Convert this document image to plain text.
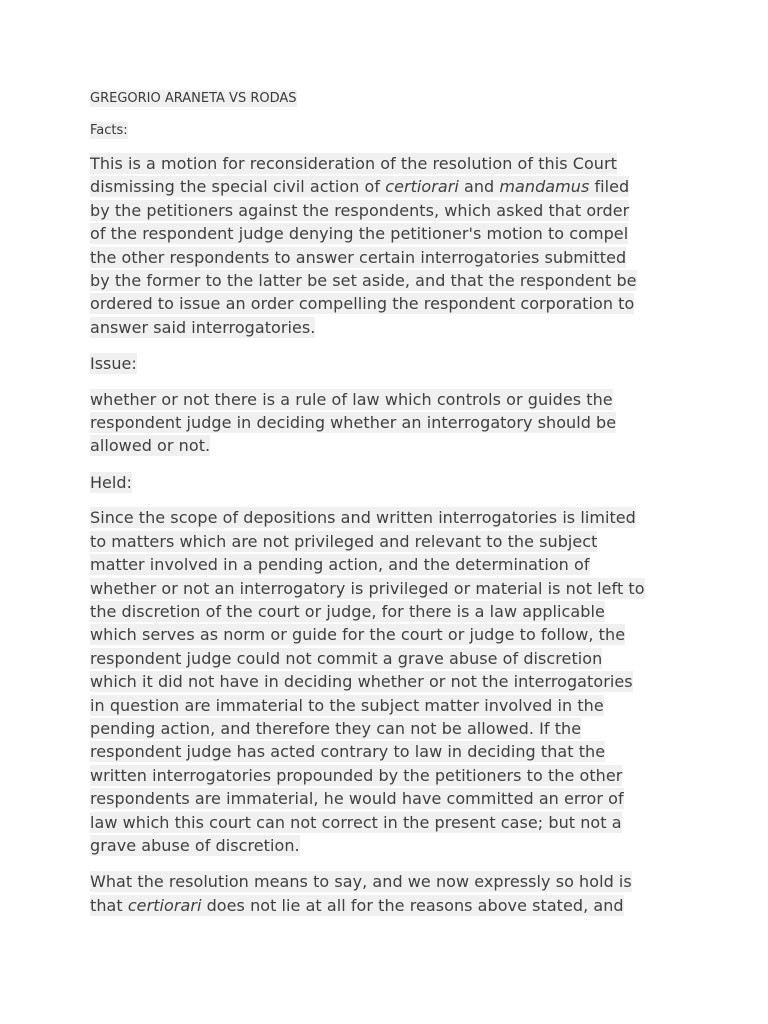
GREGORIO ARANETA VS RODAS

Facts:

This is a motion for reconsideration of the resolution of this Court
dismissing the special civil action of certiorari and mandamus filed
by the petitioners against the respondents, which asked that order
of the respondent judge denying the petitioner's motion to compel
the other respondents to answer certain interrogatories submitted
by the former to the latter be set aside, and that the respondent be
ordered to issue an order compelling the respondent corporation to
answer said interrogatories.

Issue:

whether or not there is a rule of law which controls or guides the
respondent judge in deciding whether an interrogatory should be
allowed or not.

Held:

Since the scope of depositions and written interrogatories is limited
to matters which are not privileged and relevant to the subject
matter involved in a pending action, and the determination of
whether or not an interrogatory is privileged or material is not left to
the discretion of the court or judge, for there is a law applicable
which serves as norm or guide for the court or judge to follow, the
respondent judge could not commit a grave abuse of discretion
which it did not have in deciding whether or not the interrogatories
in question are immaterial to the subject matter involved in the
pending action, and therefore they can not be allowed. If the
respondent judge has acted contrary to law in deciding that the
written interrogatories propounded by the petitioners to the other
respondents are immaterial, he would have committed an error of
law which this court can not correct in the present case; but not a
grave abuse of discretion.
What the resolution means to say, and we now expressly so hold is
that certiorari does not lie at all for the reasons above stated, and
